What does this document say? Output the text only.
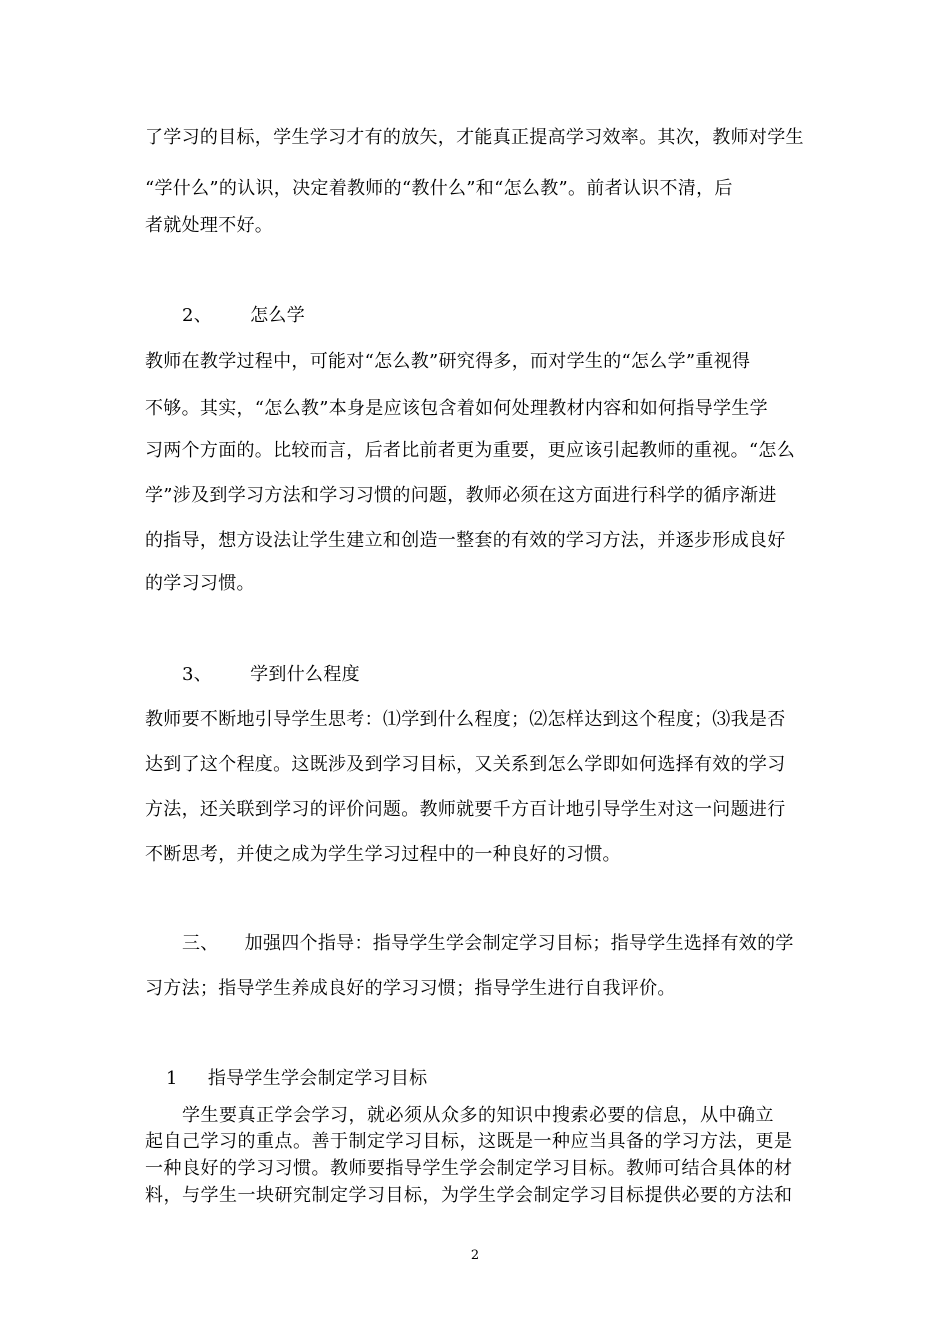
了学习的目标，学生学习才有的放矢，才能真正提高学习效率。其次，教师对学生
“学什么”的认识，决定着教师的“教什么”和“怎么教”。前者认识不清，后
者就处理不好。
2、 怎么学
教师在教学过程中，可能对“怎么教”研究得多，而对学生的“怎么学”重视得
不够。其实，“怎么教”本身是应该包含着如何处理教材内容和如何指导学生学
习两个方面的。比较而言，后者比前者更为重要，更应该引起教师的重视。“怎么
学”涉及到学习方法和学习习惯的问题，教师必须在这方面进行科学的循序渐进
的指导，想方设法让学生建立和创造一整套的有效的学习方法，并逐步形成良好
的学习习惯。
3、 学到什么程度
教师要不断地引导学生思考：⑴学到什么程度；⑵怎样达到这个程度；⑶我是否
达到了这个程度。这既涉及到学习目标，又关系到怎么学即如何选择有效的学习
方法，还关联到学习的评价问题。教师就要千方百计地引导学生对这一问题进行
不断思考，并使之成为学生学习过程中的一种良好的习惯。
三、 加强四个指导：指导学生学会制定学习目标；指导学生选择有效的学
习方法；指导学生养成良好的学习习惯；指导学生进行自我评价。
1 指导学生学会制定学习目标
学生要真正学会学习，就必须从众多的知识中搜索必要的信息，从中确立
起自己学习的重点。善于制定学习目标，这既是一种应当具备的学习方法，更是
一种良好的学习习惯。教师要指导学生学会制定学习目标。教师可结合具体的材
料，与学生一块研究制定学习目标，为学生学会制定学习目标提供必要的方法和
2
